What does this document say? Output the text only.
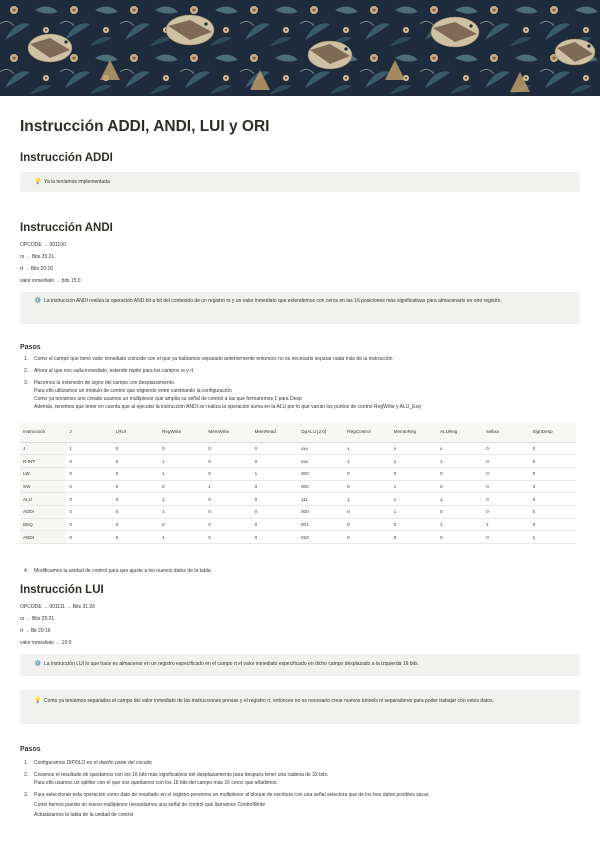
Instrucción ADDI, ANDI, LUI y ORI
Instrucción ADDI
💡 Ya la teníamos implementada
Instrucción ANDI
OPCODE → 001100
rs → Bits 25:21
rt → Bits 20:16
valor inmediato → bits 15:0
⚙️ La instrucción ANDI realiza la operación AND bit a bit del contenido de un registro rs y un valor inmediato que extendemos con ceros en las 16 posiciones más significativas para almacenarlo en otro registro.
Pasos
1. Como el campo que tiene valor inmediato coincide con el que ya habíamos separado anteriormente entonces no es necesario separar nada más de la instrucción
2. Ahora al que nos salía inmediato, extende repite para los campos rs y rt
3. Hacemos la extensión de signo del campo con desplazamiento.
Para ello utilizamos un módulo de control que eligiendo entre cambiando la configuración
Como ya teníamos uno creado usamos un multiplexor que amplía su señal de control a las que formaremos 1 para Desp
Además, tenemos que tener en cuenta que al ejecutar la instrucción ANDI se realiza la operación suma en la ALU por lo que varían los puntos de control RegWrite y ALU_Esq
Instrucción	J	LRUI	RegWrite	MemWrite	MemRead	OpALU [2:0]	RegControl	MemtoReg	ALUReg	selbra	SignDesp
J	1	0	0	0	0	xxx	x	x	x	0	0
R-INT	0	0	1	0	0	xxx	1	1	1	0	0
LW	0	0	1	0	1	000	0	0	0	0	0
SW	0	0	0	1	0	000	0	x	0	0	0
ALU	0	0	1	0	0	111	1	1	1	0	0
ADDI	0	0	1	0	0	000	0	1	0	0	0
BEQ	0	0	0	0	0	001	0	0	1	1	0
ANDI	0	0	1	0	0	010	0	0	0	0	1
4. Modificamos la unidad de control para que ajuste a los nuevos datos de la tabla
Instrucción LUI
OPCODE → 001111 → Bits 31:26
rs → Bits 25:21
rt → Bit 20:16
valor inmediato → 15:0
⚙️ La instrucción LUI lo que hace es almacenar en un registro especificado en el campo rt el valor inmediato especificado en dicho campo desplazado a la izquierda 16 bits.
💡 Como ya teníamos separados el campo del valor inmediato de las instrucciones previas y el registro rt, entonces no es necesario crear nuevos tunnels ni separadores para poder trabajar con estos datos.
Pasos
1. Configuramos DIPOLO en el diseño parte del circuito
2. Creamos el resultado de quedarnos con los 16 bits más significativos del desplazamiento para después tener una cadena de 32 bits.
Para ello usamos un splitter con el que nos quedamos con los 16 bits del campo más 16 ceros que añadimos.
3. Para seleccionar esta operación como dato de resultado en el registro ponemos un multiplexor al bloque de escritura con una señal selectora que de los tres datos posibles sacar.
Como hemos puesto un nuevo multiplexor necesitamos una señal de control que llamamos ControlWrite
Actualizamos la tabla de la unidad de control
